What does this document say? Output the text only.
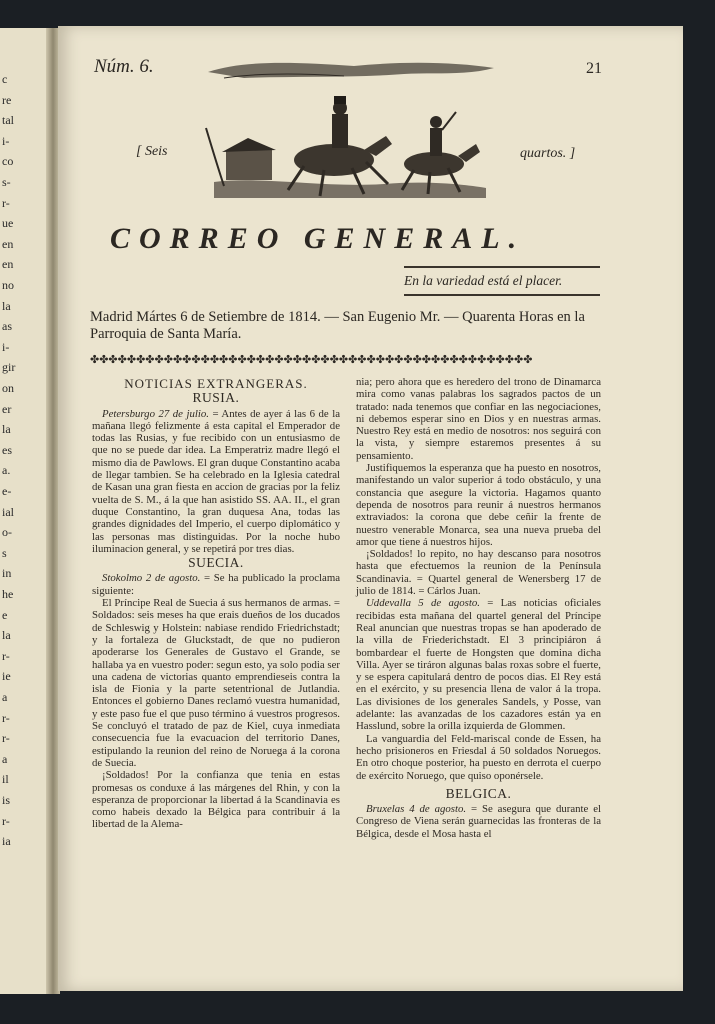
c
re
tal
i-
co
s-
r-
ue
en
en
no
la
as
i-
gir
on
er
la
es
a.
e-
ial
o-
s
in
he
e
la
r-
ie
a
r-
r-
a
il
is
r-
ia
Núm. 6.	21
[ Seis	quartos. ]
CORREO GENERAL.
En la variedad está el placer.
Madrid Mártes 6 de Setiembre de 1814. — San Eugenio Mr. — Quarenta Horas en la Parroquia de Santa María.
✤✤✤✤✤✤✤✤✤✤✤✤✤✤✤✤✤✤✤✤✤✤✤✤✤✤✤✤✤✤✤✤✤✤✤✤✤✤✤✤✤✤✤✤✤✤✤✤
NOTICIAS EXTRANGERAS.
RUSIA.

Petersburgo 27 de julio. = Antes de ayer á las 6 de la mañana llegó felizmente á esta capital el Emperador de todas las Rusias, y fue recibido con un entusiasmo de que no se puede dar idea. La Emperatriz madre llegó el mismo dia de Pawlows. El gran duque Constantino acaba de llegar tambien. Se ha celebrado en la Iglesia catedral de Kasan una gran fiesta en accion de gracias por la feliz vuelta de S. M., á la que han asistido SS. AA. II., el gran duque Constantino, la gran duquesa Ana, todas las grandes dignidades del Imperio, el cuerpo diplomático y las personas mas distinguidas. Por la noche hubo iluminacion general, y se repetirá por tres dias.

SUECIA.

Stokolmo 2 de agosto. = Se ha publicado la proclama siguiente:

El Príncipe Real de Suecia á sus hermanos de armas. = Soldados: seis meses ha que erais dueños de los ducados de Schleswig y Holstein: nabiase rendido Friedrichstadt; y la fortaleza de Gluckstadt, de que no pudieron apoderarse los Generales de Gustavo el Grande, se hallaba ya en vuestro poder: segun esto, ya solo podia ser una cadena de victorias quanto emprendieseis contra la isla de Fionia y la parte setentrional de Jutlandia. Entonces el gobierno Danes reclamó vuestra humanidad, y este paso fue el que puso término á vuestros progresos. Se concluyó el tratado de paz de Kiel, cuya inmediata consecuencia fue la evacuacion del territorio Danes, estipulando la reunion del reino de Noruega á la corona de Suecia.

¡Soldados! Por la confianza que tenia en estas promesas os conduxe á las márgenes del Rhin, y con la esperanza de proporcionar la libertad á la Scandinavia es como habeis dexado la Bélgica para contribuir á la libertad de la Alema-

nia; pero ahora que es heredero del trono de Dinamarca mira como vanas palabras los sagrados pactos de un tratado: nada tenemos que confiar en las negociaciones, ni debemos esperar sino en Dios y en nuestras armas. Nuestro Rey está en medio de nosotros: nos seguirá con la vista, y siempre estaremos presentes á su pensamiento.

Justifiquemos la esperanza que ha puesto en nosotros, manifestando un valor superior á todo obstáculo, y una constancia que asegure la victoria. Hagamos quanto dependa de nosotros para reunir á nuestros hermanos extraviados: la corona que debe ceñir la frente de nuestro venerable Monarca, sea una nueva prueba del amor que tiene á nuestros hijos.

¡Soldados! lo repito, no hay descanso para nosotros hasta que efectuemos la reunion de la Península Scandinavia. = Quartel general de Wenersberg 17 de julio de 1814. = Cárlos Juan.

Uddevalla 5 de agosto. = Las noticias oficiales recibidas esta mañana del quartel general del Príncipe Real anuncian que nuestras tropas se han apoderado de la villa de Friederichstadt. El 3 principiáron á bombardear el fuerte de Hongsten que domina dicha Villa. Ayer se tiráron algunas balas roxas sobre el fuerte, y se espera capitulará dentro de pocos dias. El Rey está en el exército, y su presencia llena de valor á la tropa. Las divisiones de los generales Sandels, y Posse, van adelante: las avanzadas de los cazadores están ya en Hasslund, sobre la orilla izquierda de Glommen.

La vanguardia del Feld-mariscal conde de Essen, ha hecho prisioneros en Friesdal á 50 soldados Noruegos. En otro choque posterior, ha puesto en derrota el cuerpo de exército Noruego, que quiso oponérsele.

BELGICA.

Bruxelas 4 de agosto. = Se asegura que durante el Congreso de Viena serán guarnecidas las fronteras de la Bélgica, desde el Mosa hasta el
